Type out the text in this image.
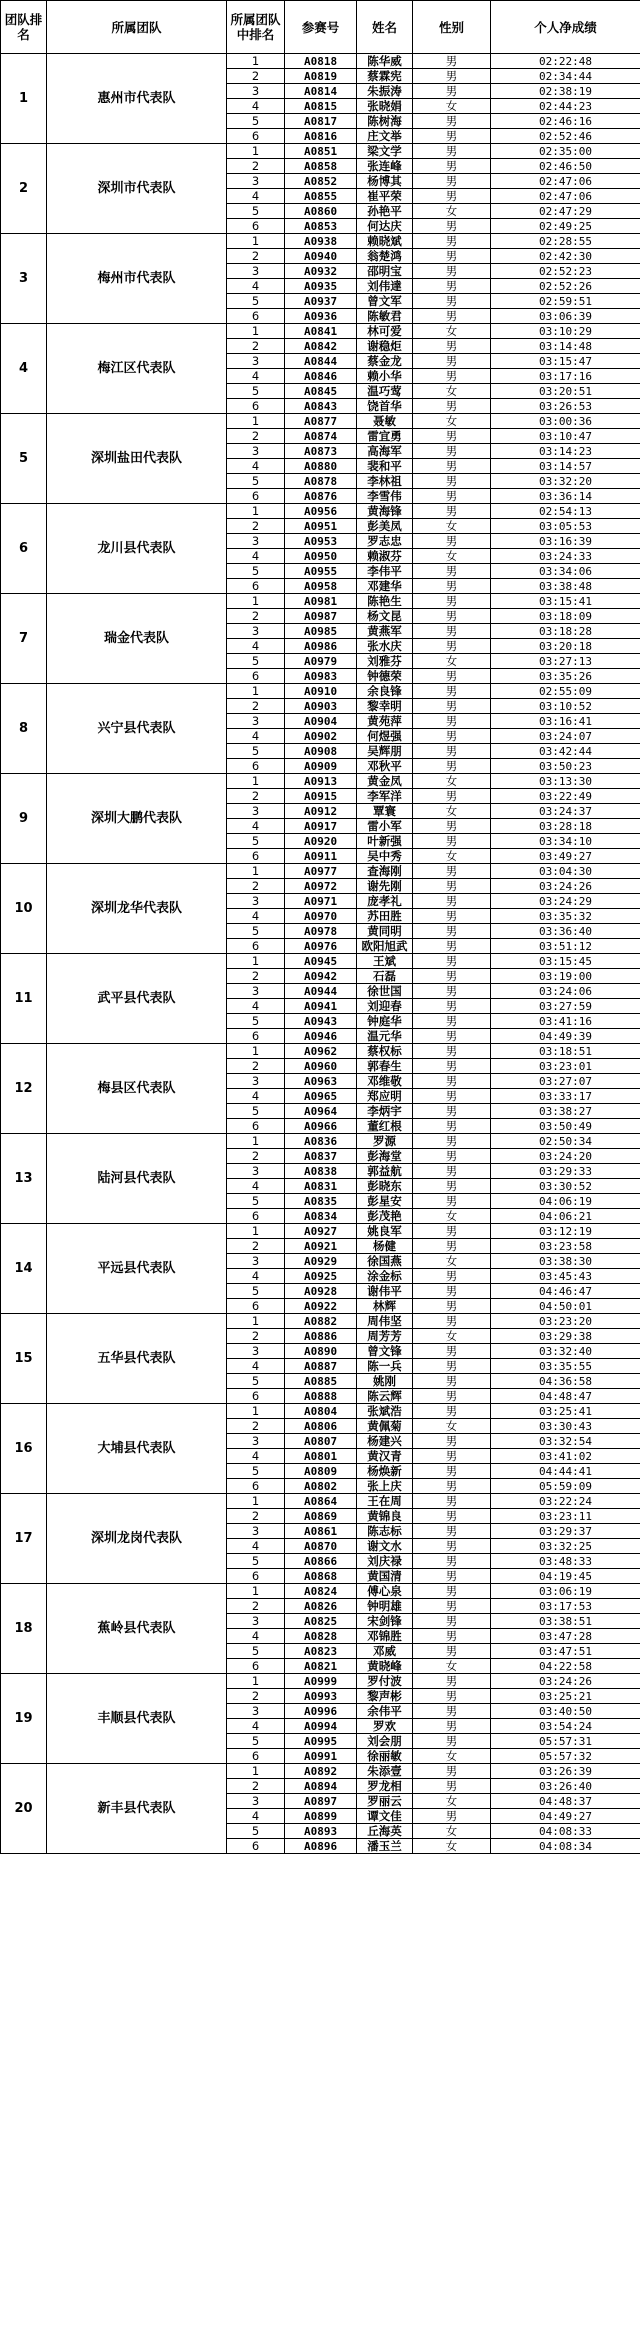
团队排名	所属团队	所属团队中排名	参赛号	姓名	性别	个人净成绩
1	惠州市代表队	1	A0818	陈华威	男	02:22:48
		2	A0819	蔡霖宪	男	02:34:44
		3	A0814	朱振涛	男	02:38:19
		4	A0815	张晓娟	女	02:44:23
		5	A0817	陈树海	男	02:46:16
		6	A0816	庄文举	男	02:52:46
2	深圳市代表队	1	A0851	梁文学	男	02:35:00
		2	A0858	张连峰	男	02:46:50
		3	A0852	杨博其	男	02:47:06
		4	A0855	崔平荣	男	02:47:06
		5	A0860	孙艳平	女	02:47:29
		6	A0853	何达庆	男	02:49:25
3	梅州市代表队	1	A0938	赖晓斌	男	02:28:55
		2	A0940	翁楚鸿	男	02:42:30
		3	A0932	邵明宝	男	02:52:23
		4	A0935	刘伟達	男	02:52:26
		5	A0937	曾文军	男	02:59:51
		6	A0936	陈敏君	男	03:06:39
4	梅江区代表队	1	A0841	林可爱	女	03:10:29
		2	A0842	谢稳炬	男	03:14:48
		3	A0844	蔡金龙	男	03:15:47
		4	A0846	赖小华	男	03:17:16
		5	A0845	温巧莺	女	03:20:51
		6	A0843	饶首华	男	03:26:53
5	深圳盐田代表队	1	A0877	聂敏	女	03:00:36
		2	A0874	雷宜勇	男	03:10:47
		3	A0873	高海军	男	03:14:23
		4	A0880	裴和平	男	03:14:57
		5	A0878	李林祖	男	03:32:20
		6	A0876	李雪伟	男	03:36:14
6	龙川县代表队	1	A0956	黄海锋	男	02:54:13
		2	A0951	彭美凤	女	03:05:53
		3	A0953	罗志忠	男	03:16:39
		4	A0950	赖淑芬	女	03:24:33
		5	A0955	李伟平	男	03:34:06
		6	A0958	邓建华	男	03:38:48
7	瑞金代表队	1	A0981	陈艳生	男	03:15:41
		2	A0987	杨文昆	男	03:18:09
		3	A0985	黄燕军	男	03:18:28
		4	A0986	张水庆	男	03:20:18
		5	A0979	刘雅芬	女	03:27:13
		6	A0983	钟德荣	男	03:35:26
8	兴宁县代表队	1	A0910	余良锋	男	02:55:09
		2	A0903	黎幸明	男	03:10:52
		3	A0904	黄苑萍	男	03:16:41
		4	A0902	何煜强	男	03:24:07
		5	A0908	吴辉朋	男	03:42:44
		6	A0909	邓秋平	男	03:50:23
9	深圳大鹏代表队	1	A0913	黄金凤	女	03:13:30
		2	A0915	李军洋	男	03:22:49
		3	A0912	覃寰	女	03:24:37
		4	A0917	雷小军	男	03:28:18
		5	A0920	叶新强	男	03:34:10
		6	A0911	吴中秀	女	03:49:27
10	深圳龙华代表队	1	A0977	查海刚	男	03:04:30
		2	A0972	谢先刚	男	03:24:26
		3	A0971	庞孝礼	男	03:24:29
		4	A0970	苏田胜	男	03:35:32
		5	A0978	黄同明	男	03:36:40
		6	A0976	欧阳旭武	男	03:51:12
11	武平县代表队	1	A0945	王斌	男	03:15:45
		2	A0942	石磊	男	03:19:00
		3	A0944	徐世国	男	03:24:06
		4	A0941	刘迎春	男	03:27:59
		5	A0943	钟庭华	男	03:41:16
		6	A0946	温元华	男	04:49:39
12	梅县区代表队	1	A0962	蔡权标	男	03:18:51
		2	A0960	郭春生	男	03:23:01
		3	A0963	邓维敬	男	03:27:07
		4	A0965	郑应明	男	03:33:17
		5	A0964	李炳宇	男	03:38:27
		6	A0966	董红根	男	03:50:49
13	陆河县代表队	1	A0836	罗源	男	02:50:34
		2	A0837	彭海堂	男	03:24:20
		3	A0838	郭益航	男	03:29:33
		4	A0831	彭晓东	男	03:30:52
		5	A0835	彭星安	男	04:06:19
		6	A0834	彭茂艳	女	04:06:21
14	平远县代表队	1	A0927	姚良军	男	03:12:19
		2	A0921	杨健	男	03:23:58
		3	A0929	徐国燕	女	03:38:30
		4	A0925	涂金标	男	03:45:43
		5	A0928	谢伟平	男	04:46:47
		6	A0922	林辉	男	04:50:01
15	五华县代表队	1	A0882	周伟坚	男	03:23:20
		2	A0886	周芳芳	女	03:29:38
		3	A0890	曾文锋	男	03:32:40
		4	A0887	陈一兵	男	03:35:55
		5	A0885	姚刚	男	04:36:58
		6	A0888	陈云辉	男	04:48:47
16	大埔县代表队	1	A0804	张斌浩	男	03:25:41
		2	A0806	黄佩菊	女	03:30:43
		3	A0807	杨建兴	男	03:32:54
		4	A0801	黄汉青	男	03:41:02
		5	A0809	杨焕新	男	04:44:41
		6	A0802	张上庆	男	05:59:09
17	深圳龙岗代表队	1	A0864	王在周	男	03:22:24
		2	A0869	黄锦良	男	03:23:11
		3	A0861	陈志标	男	03:29:37
		4	A0870	谢文水	男	03:32:25
		5	A0866	刘庆禄	男	03:48:33
		6	A0868	黄国清	男	04:19:45
18	蕉岭县代表队	1	A0824	傅心泉	男	03:06:19
		2	A0826	钟明雄	男	03:17:53
		3	A0825	宋剑锋	男	03:38:51
		4	A0828	邓锦胜	男	03:47:28
		5	A0823	邓威	男	03:47:51
		6	A0821	黄晓峰	女	04:22:58
19	丰顺县代表队	1	A0999	罗付波	男	03:24:26
		2	A0993	黎声彬	男	03:25:21
		3	A0996	余伟平	男	03:40:50
		4	A0994	罗欢	男	03:54:24
		5	A0995	刘会朋	男	05:57:31
		6	A0991	徐丽敏	女	05:57:32
20	新丰县代表队	1	A0892	朱添壹	男	03:26:39
		2	A0894	罗龙相	男	03:26:40
		3	A0897	罗丽云	女	04:48:37
		4	A0899	谭文佳	男	04:49:27
		5	A0893	丘海英	女	04:08:33
		6	A0896	潘玉兰	女	04:08:34
